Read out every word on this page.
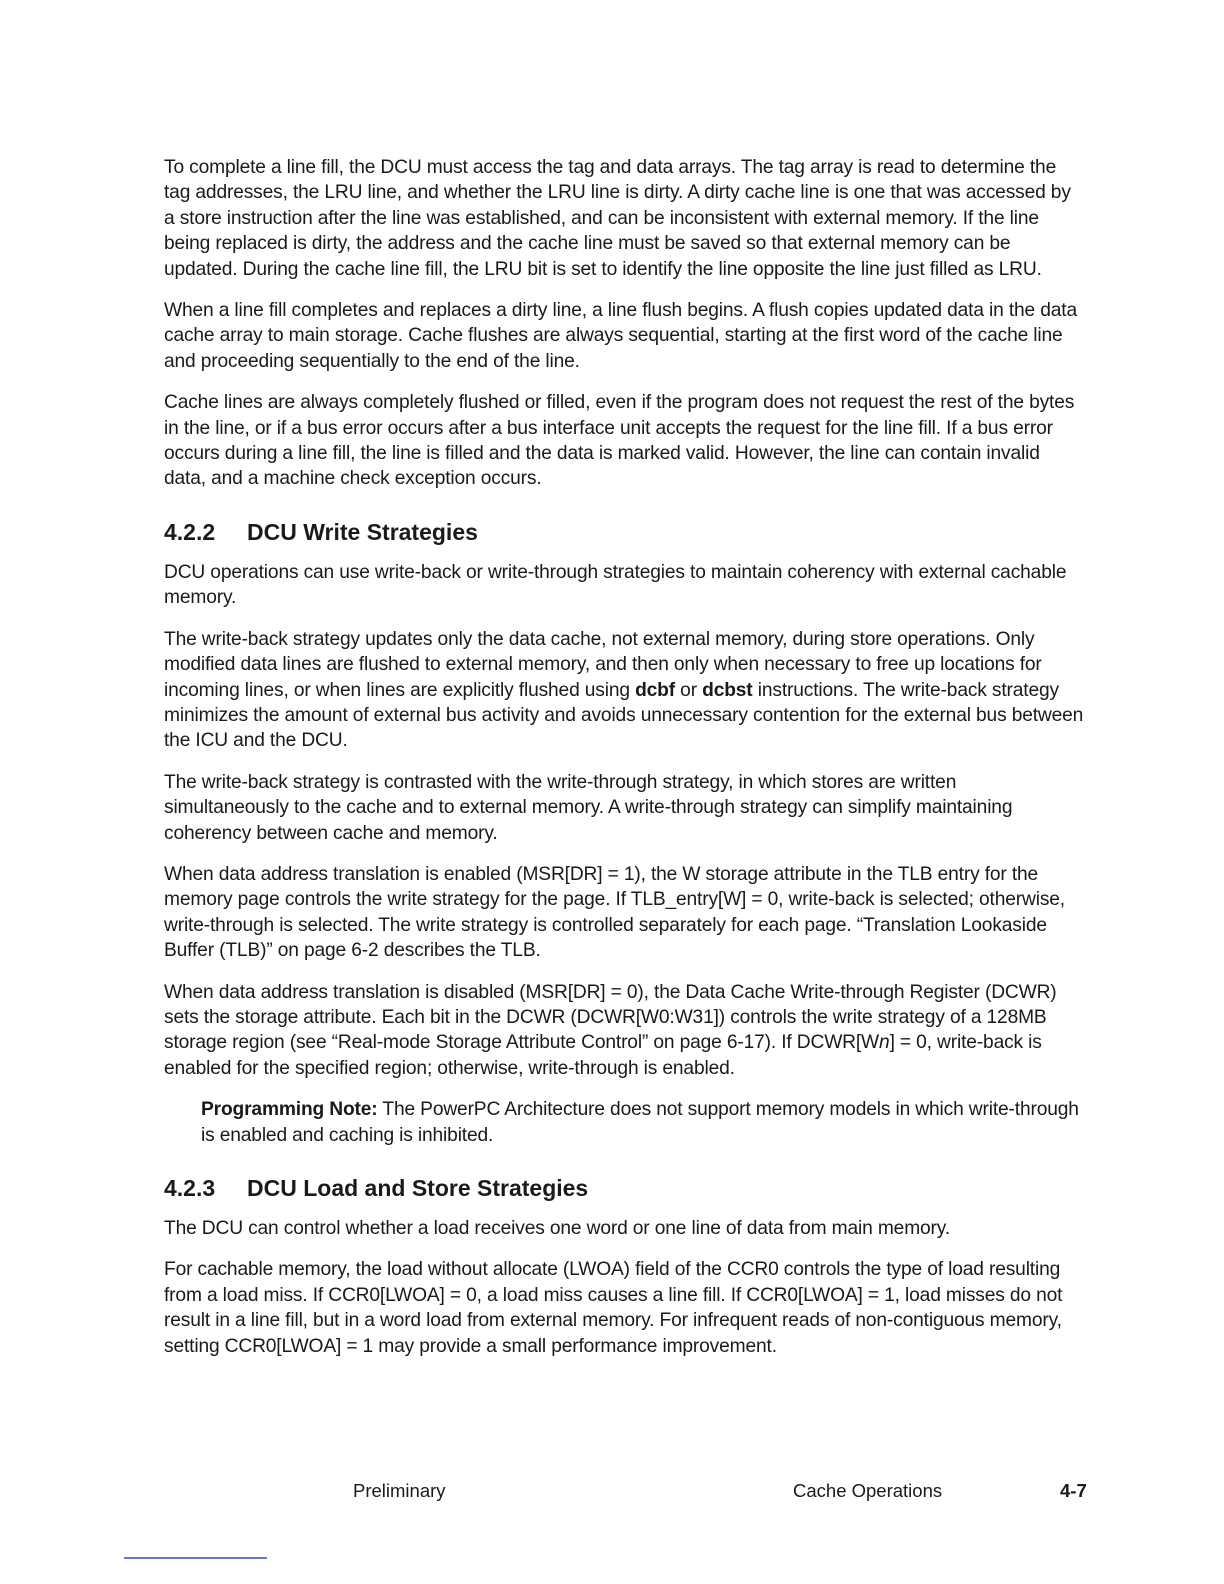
To complete a line fill, the DCU must access the tag and data arrays. The tag array is read to determine the tag addresses, the LRU line, and whether the LRU line is dirty. A dirty cache line is one that was accessed by a store instruction after the line was established, and can be inconsistent with external memory. If the line being replaced is dirty, the address and the cache line must be saved so that external memory can be updated. During the cache line fill, the LRU bit is set to identify the line opposite the line just filled as LRU.

When a line fill completes and replaces a dirty line, a line flush begins. A flush copies updated data in the data cache array to main storage. Cache flushes are always sequential, starting at the first word of the cache line and proceeding sequentially to the end of the line.

Cache lines are always completely flushed or filled, even if the program does not request the rest of the bytes in the line, or if a bus error occurs after a bus interface unit accepts the request for the line fill. If a bus error occurs during a line fill, the line is filled and the data is marked valid. However, the line can contain invalid data, and a machine check exception occurs.

4.2.2	DCU Write Strategies

DCU operations can use write-back or write-through strategies to maintain coherency with external cachable memory.

The write-back strategy updates only the data cache, not external memory, during store operations. Only modified data lines are flushed to external memory, and then only when necessary to free up locations for incoming lines, or when lines are explicitly flushed using dcbf or dcbst instructions. The write-back strategy minimizes the amount of external bus activity and avoids unnecessary contention for the external bus between the ICU and the DCU.

The write-back strategy is contrasted with the write-through strategy, in which stores are written simultaneously to the cache and to external memory. A write-through strategy can simplify maintaining coherency between cache and memory.

When data address translation is enabled (MSR[DR] = 1), the W storage attribute in the TLB entry for the memory page controls the write strategy for the page. If TLB_entry[W] = 0, write-back is selected; otherwise, write-through is selected. The write strategy is controlled separately for each page. “Translation Lookaside Buffer (TLB)” on page 6-2 describes the TLB.

When data address translation is disabled (MSR[DR] = 0), the Data Cache Write-through Register (DCWR) sets the storage attribute. Each bit in the DCWR (DCWR[W0:W31]) controls the write strategy of a 128MB storage region (see “Real-mode Storage Attribute Control” on page 6-17). If DCWR[Wn] = 0, write-back is enabled for the specified region; otherwise, write-through is enabled.

Programming Note: The PowerPC Architecture does not support memory models in which write-through is enabled and caching is inhibited.
4.2.3	DCU Load and Store Strategies

The DCU can control whether a load receives one word or one line of data from main memory.

For cachable memory, the load without allocate (LWOA) field of the CCR0 controls the type of load resulting from a load miss. If CCR0[LWOA] = 0, a load miss causes a line fill. If CCR0[LWOA] = 1, load misses do not result in a line fill, but in a word load from external memory. For infrequent reads of non-contiguous memory, setting CCR0[LWOA] = 1 may provide a small performance improvement.

Preliminary	Cache Operations	4-7
